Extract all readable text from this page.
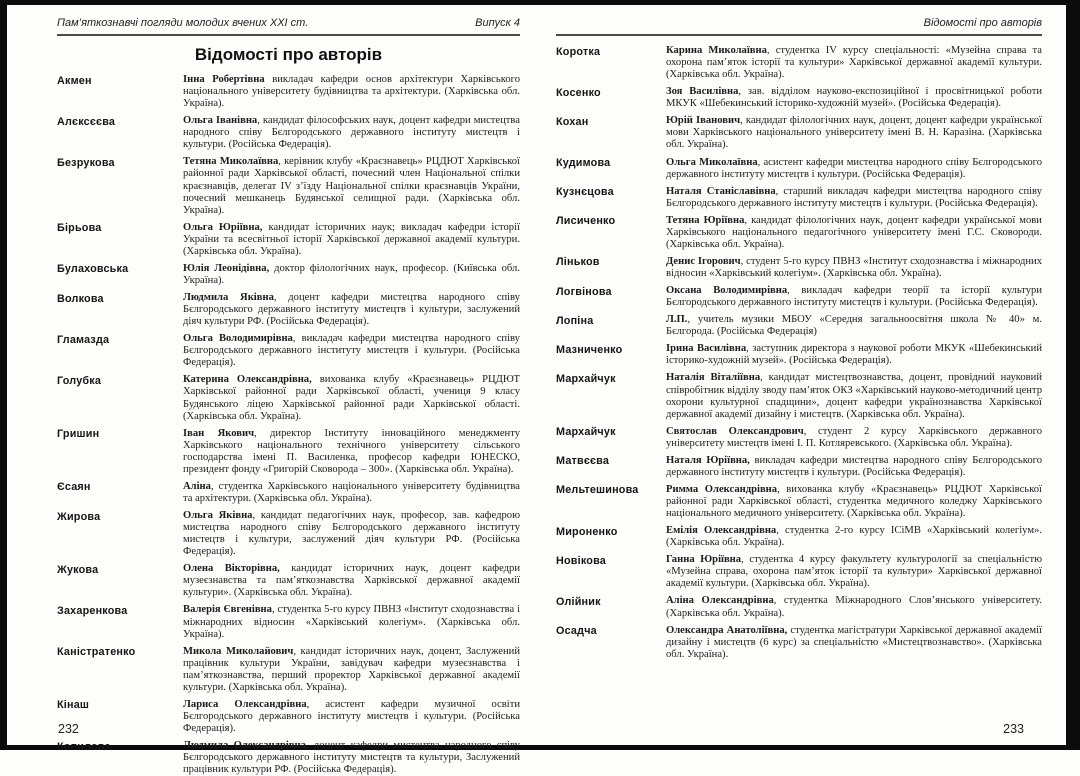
Пам’яткознавчі погляди молодих вчених XXI ст.	Випуск 4
Відомості про авторів
Акмен	Інна Робертівна викладач кафедри основ архітектури Харківського національного університету будівництва та архітектури. (Харківська обл. Україна).

Алєксєєва	Ольга Іванівна, кандидат філософських наук, доцент кафедри мистецтва народного співу Бєлгородського державного інституту мистецтв і культури. (Російська Федерація).

Безрукова	Тетяна Миколаївна, керівник клубу «Краєзнавець» РЦДЮТ Харківської районної ради Харківської області, почесний член Національної спілки краєзнавців, делегат IV з’їзду Національної спілки краєзнавців України, почесний мешканець Будянської селищної ради. (Харківська обл. Україна).

Бірьова	Ольга Юріївна, кандидат історичних наук; викладач кафедри історії України та всесвітньої історії Харківської державної академії культури. (Харківська обл. Україна).

Булаховська	Юлія Леонідівна, доктор філологічних наук, професор. (Київська обл. Україна).

Волкова	Людмила Яківна, доцент кафедри мистецтва народного співу Бєлгородського державного інституту мистецтв і культури, заслужений діяч культури РФ. (Російська Федерація).

Гламазда	Ольга Володимирівна, викладач кафедри мистецтва народного співу Бєлгородського державного інституту мистецтв і культури. (Російська Федерація).

Голубка	Катерина Олександрівна, вихованка клубу «Краєзнавець» РЦДЮТ Харківської районної ради Харківської області, учениця 9 класу Будянського ліцею Харківської районної ради Харківської області. (Харківська обл. Україна).

Гришин	Іван Якович, директор Інституту інноваційного менеджменту Харківського національного технічного університету сільського господарства імені П. Василенка, професор кафедри ЮНЕСКО, президент фонду «Григорій Сковорода – 300». (Харківська обл. Україна).

Єсаян	Аліна, студентка Харківського національного університету будівництва та архітектури. (Харківська обл. Україна).

Жирова	Ольга Яківна, кандидат педагогічних наук, професор, зав. кафедрою мистецтва народного співу Бєлгородського державного інституту мистецтв і культури, заслужений діяч культури РФ. (Російська Федерація).

Жукова	Олена Вікторівна, кандидат історичних наук, доцент кафедри музеєзнавства та пам’яткознавства Харківської державної академії культури». (Харківська обл. Україна).

Захаренкова	Валерія Євгенівна, студентка 5-го курсу ПВНЗ «Інститут сходознавства і міжнародних відносин «Харківський колегіум». (Харківська обл. Україна).

Каністратенко	Микола Миколайович, кандидат історичних наук, доцент, Заслужений працівник культури України, завідувач кафедри музеєзнавства і пам’яткознавства, перший проректор Харківської державної академії культури. (Харківська обл. Україна).

Кінаш	Лариса Олександрівна, асистент кафедри музичної освіти Бєлгородського державного інституту мистецтв і культури. (Російська Федерація).

Копилова	Людмила Олександрівна, доцент кафедри мистецтва народного співу Бєлгородського державного інституту мистецтв та культури, Заслужений працівник культури РФ. (Російська Федерація).

232
Відомості про авторів
Коротка	Карина Миколаївна, студентка IV курсу спеціальності: «Музейна справа та охорона пам’яток історії та культури» Харківської державної академії культури. (Харківська обл. Україна).

Косенко	Зоя Василівна, зав. відділом науково-експозиційної і просвітницької роботи МКУК «Шебекинський історико-художній музей». (Російська Федерація).

Кохан	Юрій Іванович, кандидат філологічних наук, доцент, доцент кафедри української мови Харківського національного університету імені В. Н. Каразіна. (Харківська обл. Україна).

Кудимова	Ольга Миколаївна, асистент кафедри мистецтва народного співу Бєлгородського державного інституту мистецтв і культури. (Російська Федерація).

Кузнєцова	Наталя Станіславівна, старший викладач кафедри мистецтва народного співу Бєлгородського державного інституту мистецтв і культури. (Російська Федерація).

Лисиченко	Тетяна Юріївна, кандидат філологічних наук, доцент кафедри української мови Харківського національного педагогічного університету імені Г.С. Сковороди. (Харківська обл. Україна).

Ліньков	Денис Ігорович, студент 5-го курсу ПВНЗ «Інститут сходознавства і міжнародних відносин «Харківський колегіум». (Харківська обл. Україна).

Логвінова	Оксана Володимирівна, викладач кафедри теорії та історії культури Бєлгородського державного інституту мистецтв і культури. (Російська Федерація).

Лопіна	Л.П., учитель музики МБОУ «Середня загальноосвітня школа № 40» м. Бєлгорода. (Російська Федерація)

Мазниченко	Ірина Василівна, заступник директора з наукової роботи МКУК «Шебекинський історико-художній музей». (Російська Федерація).

Мархайчук	Наталія Віталіївна, кандидат мистецтвознавства, доцент, провідний науковий співробітник відділу зводу пам’яток ОКЗ «Харківський науково-методичний центр охорони культурної спадщини», доцент кафедри українознавства Харківської державної академії дизайну і мистецтв. (Харківська обл. Україна).

Мархайчук	Святослав Олександрович, студент 2 курсу Харківського державного університету мистецтв імені І. П. Котляревського. (Харківська обл. Україна).

Матвєєва	Наталя Юріївна, викладач кафедри мистецтва народного співу Бєлгородського державного інституту мистецтв і культури. (Російська Федерація).

Мельтешинова	Римма Олександрівна, вихованка клубу «Краєзнавець» РЦДЮТ Харківської районної ради Харківської області, студентка медичного коледжу Харківського національного медичного університету. (Харківська обл. Україна).

Мироненко	Емілія Олександрівна, студентка 2-го курсу ІСіМВ «Харківський колегіум». (Харківська обл. Україна).

Новікова	Ганна Юріївна, студентка 4 курсу факультету культурології за спеціальністю «Музейна справа, охорона пам’яток історії та культури» Харківської державної академії культури. (Харківська обл. Україна).

Олійник	Аліна Олександрівна, студентка Міжнародного Слов’янського університету. (Харківська обл. Україна).

Осадча	Олександра Анатоліївна, студентка магістратури Харківської державної академії дизайну і мистецтв (6 курс) за спеціальністю «Мистецтвознавство». (Харківська обл. Україна).

233
